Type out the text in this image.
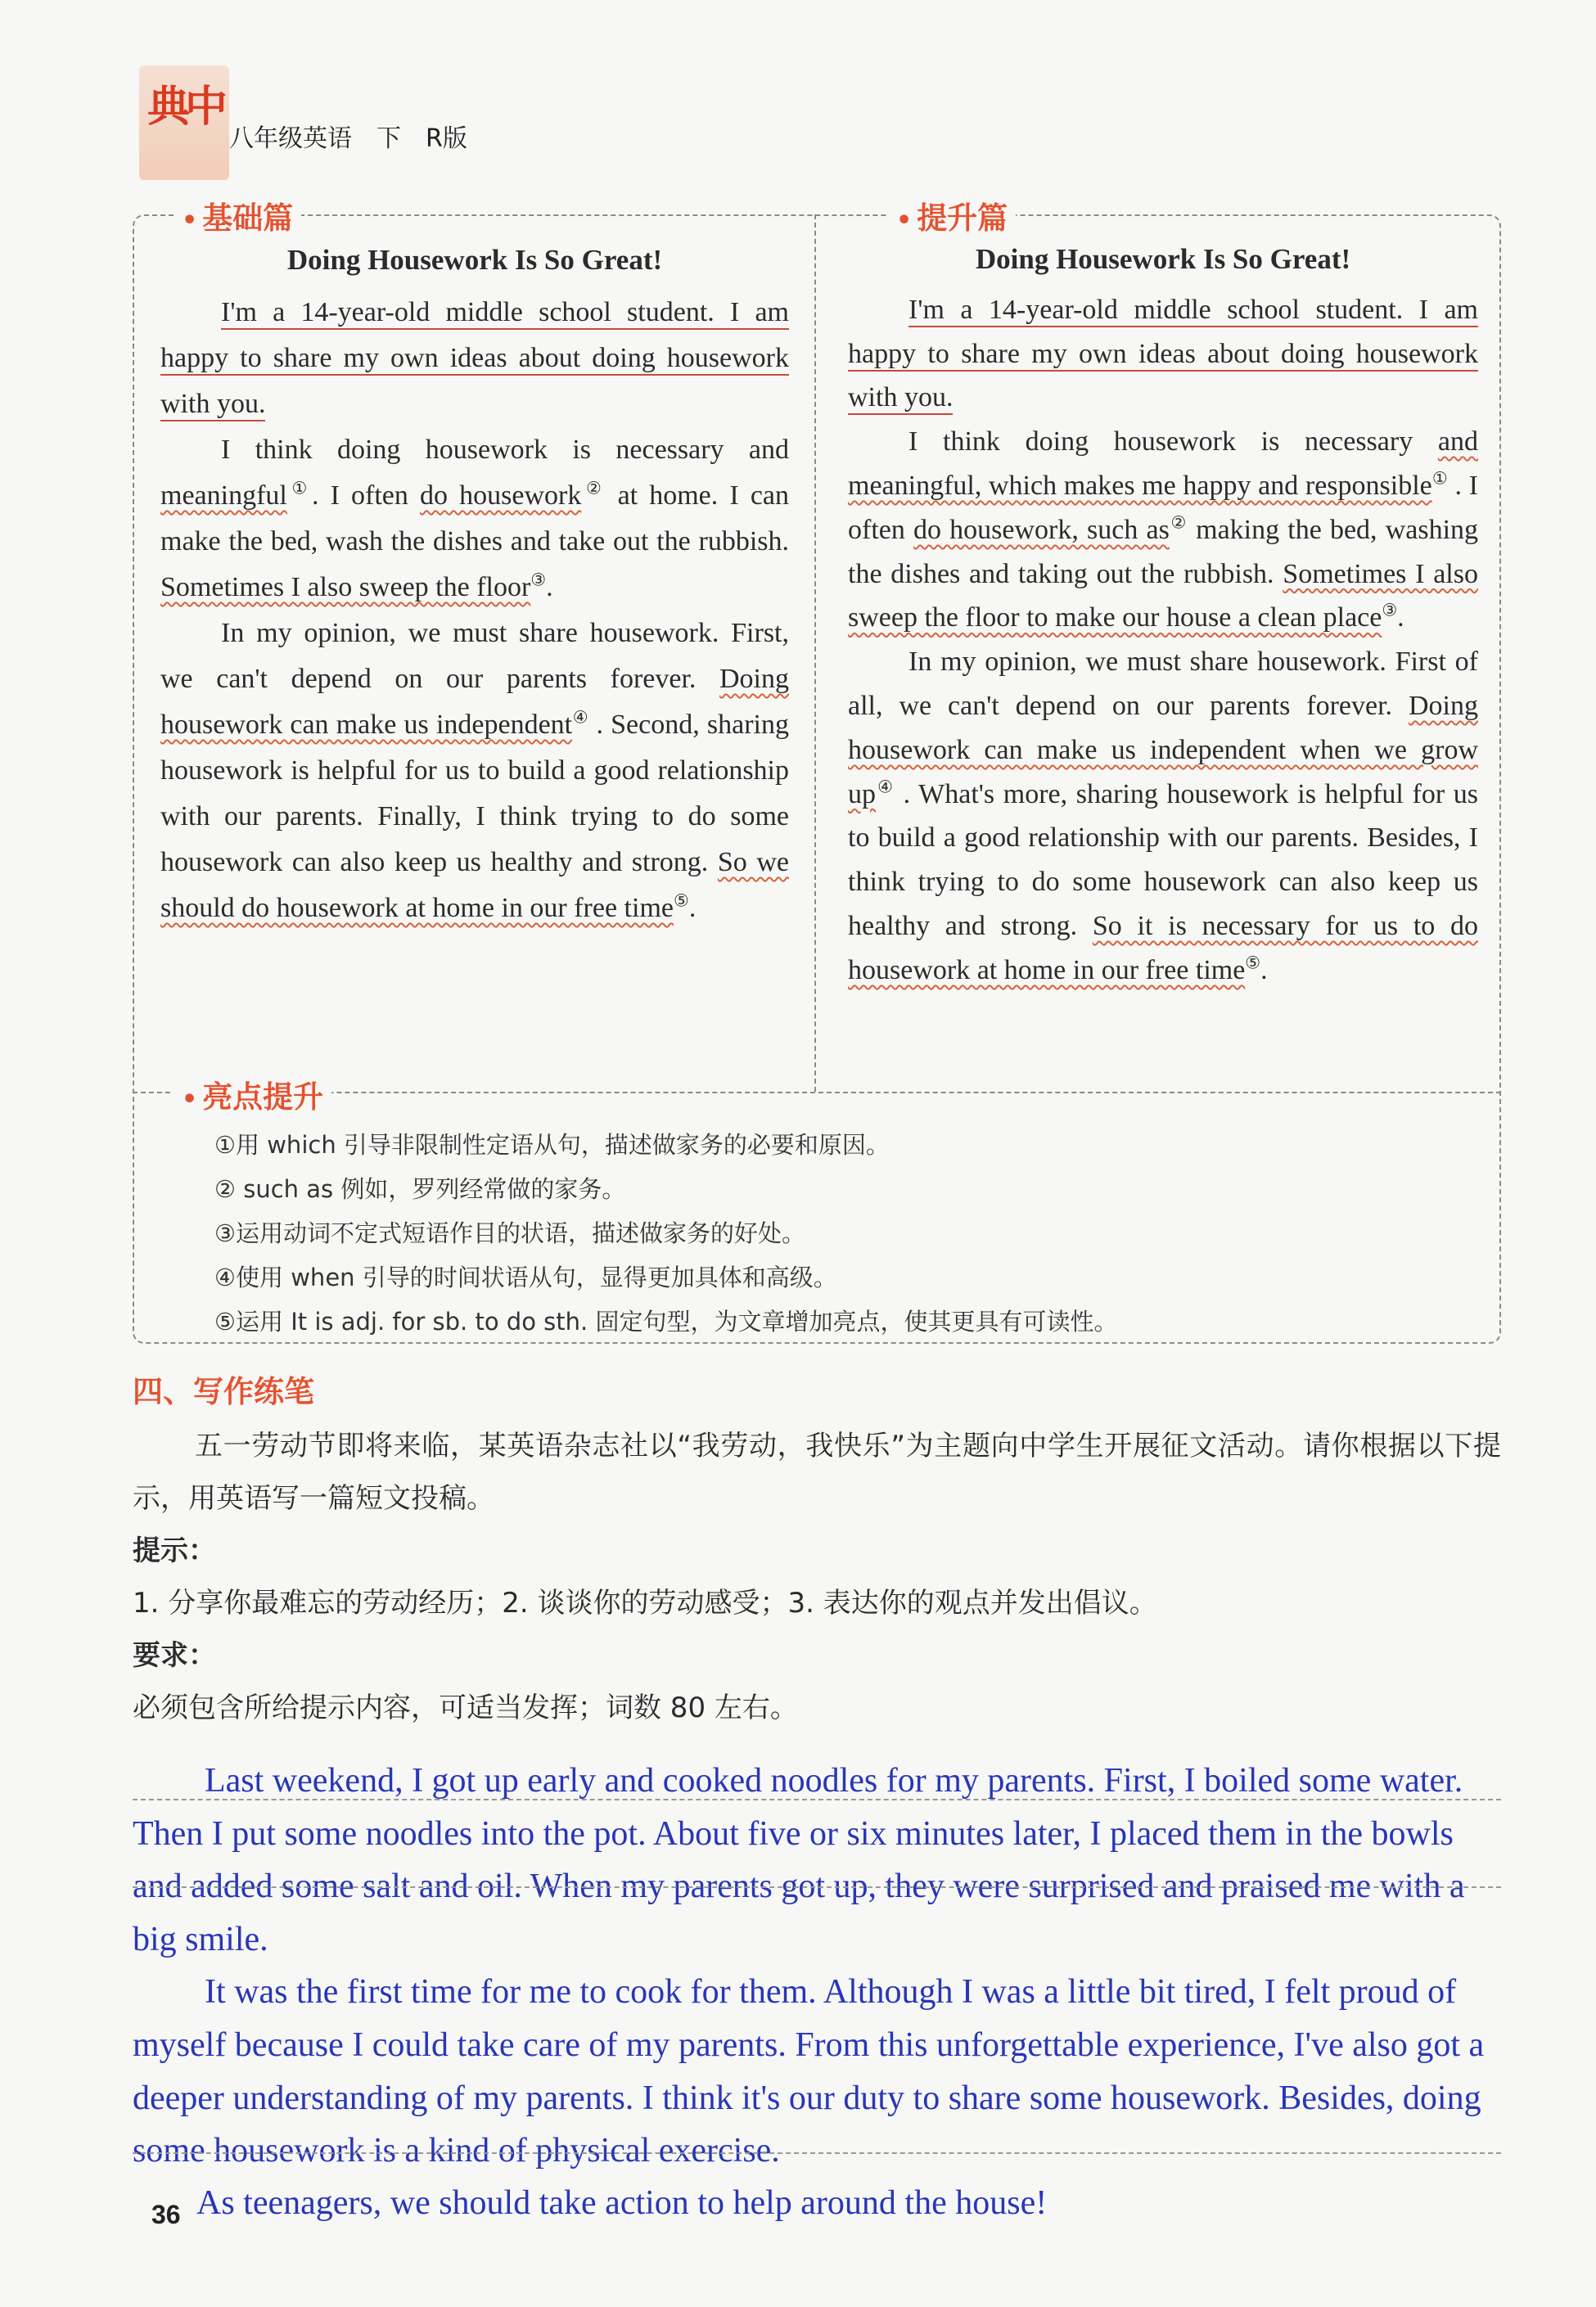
典中
八年级英语　下　R版
• 基础篇	• 提升篇
• 亮点提升
Doing Housework Is So Great!

I'm a 14-year-old middle school student. I am happy to share my own ideas about doing housework with you.

I think doing housework is necessary and meaningful①. I often do housework② at home. I can make the bed, wash the dishes and take out the rubbish. Sometimes I also sweep the floor③.

In my opinion, we must share housework. First, we can't depend on our parents forever. Doing housework can make us independent④ . Second, sharing housework is helpful for us to build a good relationship with our parents. Finally, I think trying to do some housework can also keep us healthy and strong. So we should do housework at home in our free time⑤.

Doing Housework Is So Great!

I'm a 14-year-old middle school student. I am happy to share my own ideas about doing housework with you.

I think doing housework is necessary and meaningful, which makes me happy and responsible① . I often do housework, such as② making the bed, washing the dishes and taking out the rubbish. Sometimes I also sweep the floor to make our house a clean place③.

In my opinion, we must share housework. First of all, we can't depend on our parents forever. Doing housework can make us independent when we grow up④ . What's more, sharing housework is helpful for us to build a good relationship with our parents. Besides, I think trying to do some housework can also keep us healthy and strong. So it is necessary for us to do housework at home in our free time⑤.

①用 which 引导非限制性定语从句，描述做家务的必要和原因。
② such as 例如，罗列经常做的家务。
③运用动词不定式短语作目的状语，描述做家务的好处。
④使用 when 引导的时间状语从句，显得更加具体和高级。
⑤运用 It is adj. for sb. to do sth. 固定句型，为文章增加亮点，使其更具有可读性。
四、写作练笔

五一劳动节即将来临，某英语杂志社以“我劳动，我快乐”为主题向中学生开展征文活动。请你根据以下提示，用英语写一篇短文投稿。

提示：

1. 分享你最难忘的劳动经历；2. 谈谈你的劳动感受；3. 表达你的观点并发出倡议。

要求：

必须包含所给提示内容，可适当发挥；词数 80 左右。

Last weekend, I got up early and cooked noodles for my parents. First, I boiled some water. Then I put some noodles into the pot. About five or six minutes later, I placed them in the bowls and added some salt and oil. When my parents got up, they were surprised and praised me with a big smile.

It was the first time for me to cook for them. Although I was a little bit tired, I felt proud of myself because I could take care of my parents. From this unforgettable experience, I've also got a deeper understanding of my parents. I think it's our duty to share some housework. Besides, doing some housework is a kind of physical exercise.

36 As teenagers, we should take action to help around the house!
